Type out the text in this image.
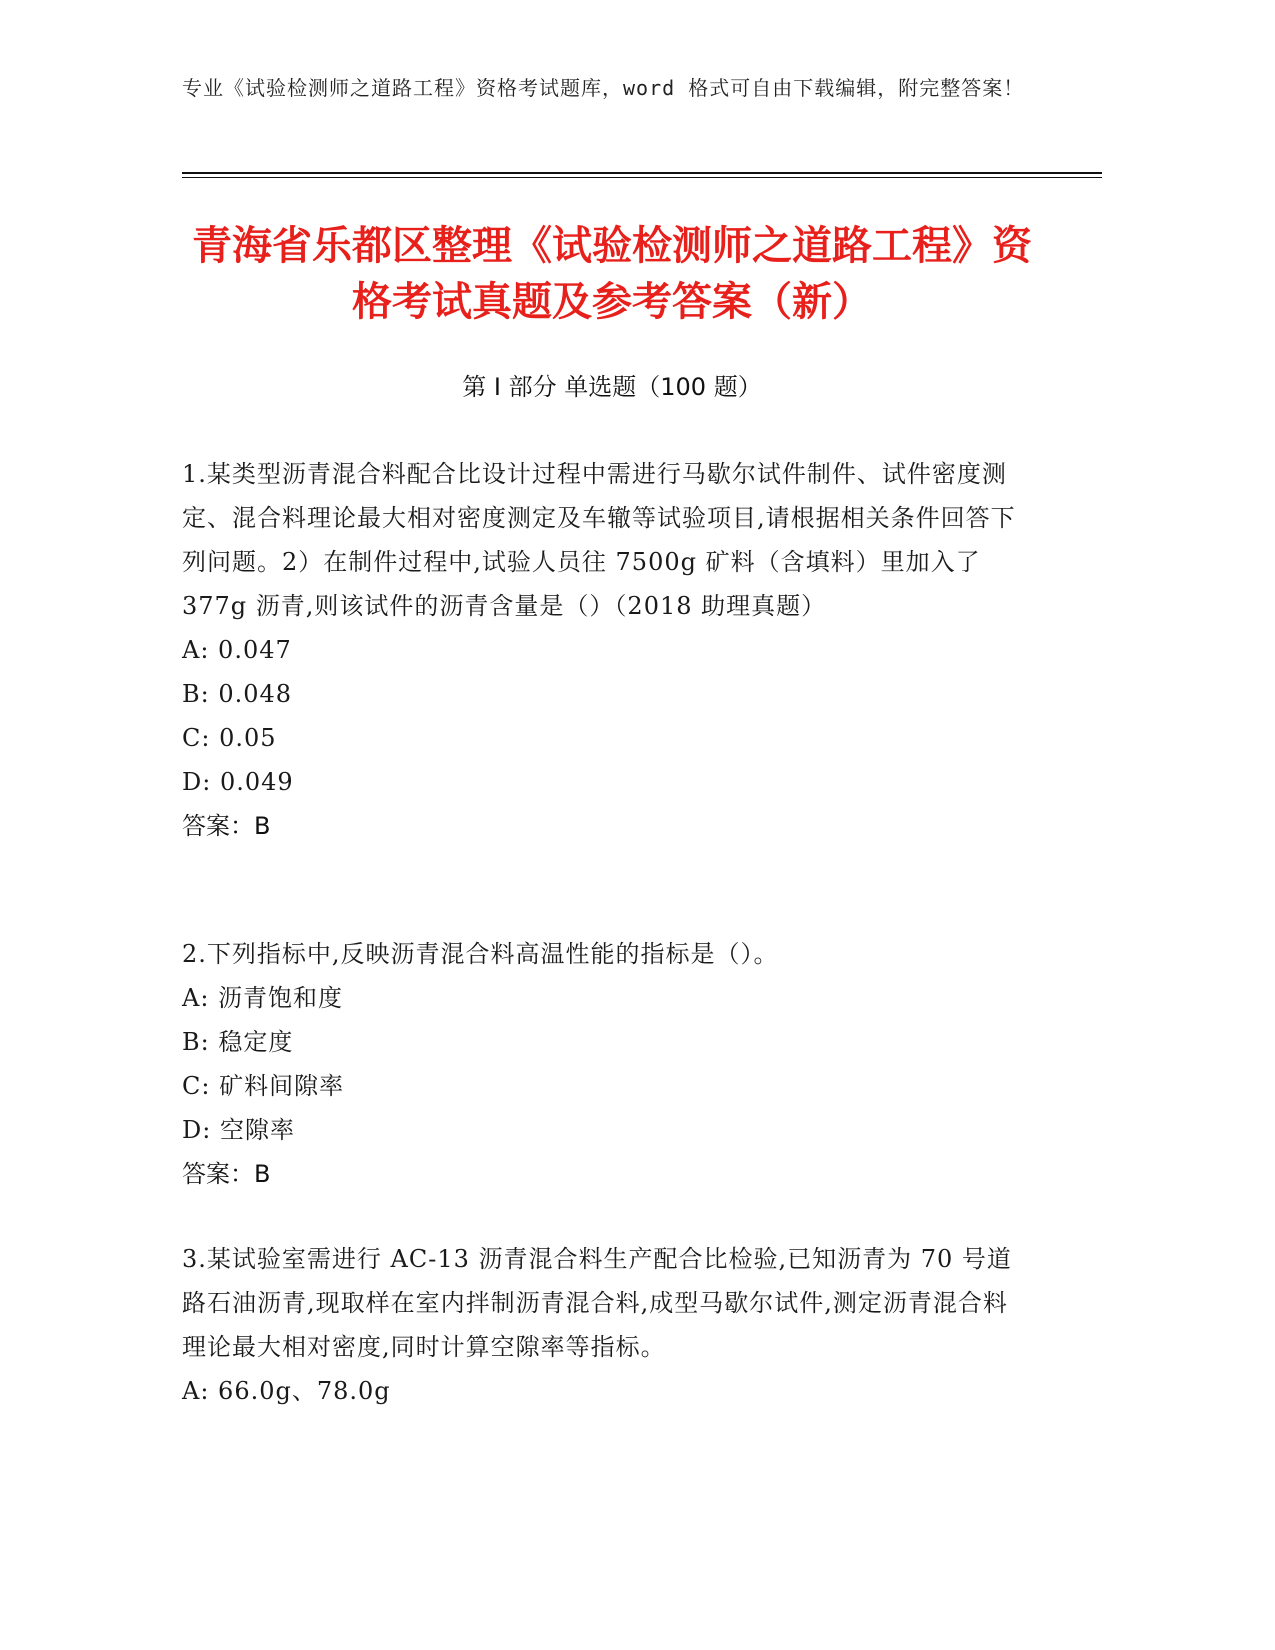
专业《试验检测师之道路工程》资格考试题库，word 格式可自由下载编辑，附完整答案！
青海省乐都区整理《试验检测师之道路工程》资格考试真题及参考答案（新）
第 I 部分 单选题（100 题）
1.某类型沥青混合料配合比设计过程中需进行马歇尔试件制件、试件密度测定、混合料理论最大相对密度测定及车辙等试验项目,请根据相关条件回答下列问题。2）在制件过程中,试验人员往 7500g 矿料（含填料）里加入了 377g 沥青,则该试件的沥青含量是（）（2018 助理真题）
A: 0.047
B: 0.048
C: 0.05
D: 0.049
答案：B
2.下列指标中,反映沥青混合料高温性能的指标是（）。
A: 沥青饱和度
B: 稳定度
C: 矿料间隙率
D: 空隙率
答案：B
3.某试验室需进行 AC-13 沥青混合料生产配合比检验,已知沥青为 70 号道路石油沥青,现取样在室内拌制沥青混合料,成型马歇尔试件,测定沥青混合料理论最大相对密度,同时计算空隙率等指标。
A: 66.0g、78.0g
